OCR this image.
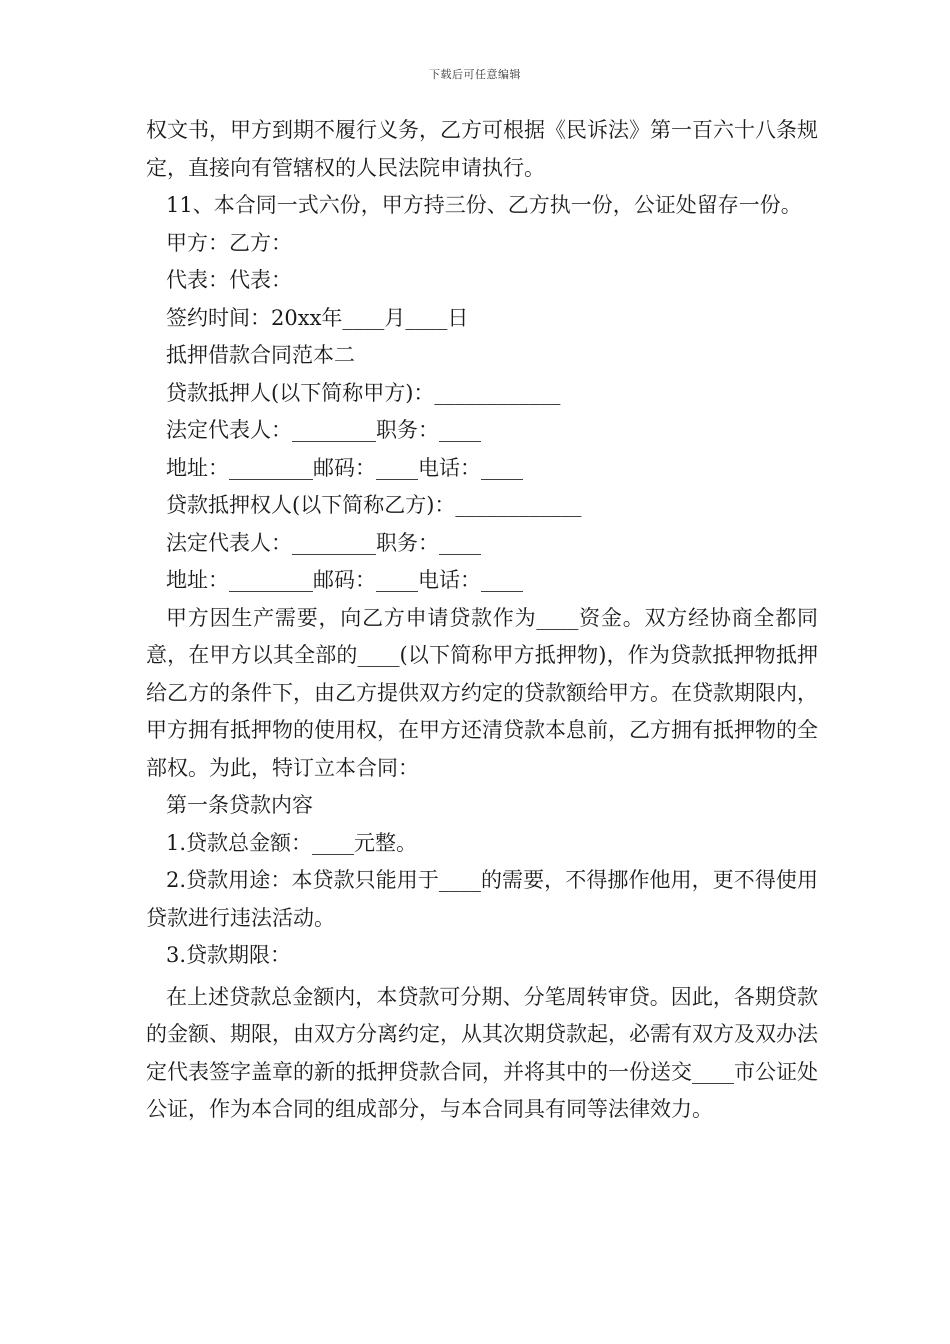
下载后可任意编辑

权文书，甲方到期不履行义务，乙方可根据《民诉法》第一百六十八条规定，直接向有管辖权的人民法院申请执行。

11、本合同一式六份，甲方持三份、乙方执一份，公证处留存一份。

甲方：乙方：

代表：代表：

签约时间：20xx年____月____日

抵押借款合同范本二

贷款抵押人(以下简称甲方)：____________

法定代表人：________职务：____

地址：________邮码：____电话：____

贷款抵押权人(以下简称乙方)：____________

法定代表人：________职务：____

地址：________邮码：____电话：____

甲方因生产需要，向乙方申请贷款作为____资金。双方经协商全都同意，在甲方以其全部的____(以下简称甲方抵押物)，作为贷款抵押物抵押给乙方的条件下，由乙方提供双方约定的贷款额给甲方。在贷款期限内，甲方拥有抵押物的使用权，在甲方还清贷款本息前，乙方拥有抵押物的全部权。为此，特订立本合同：

第一条贷款内容

1.贷款总金额：____元整。

2.贷款用途：本贷款只能用于____的需要，不得挪作他用，更不得使用贷款进行违法活动。

3.贷款期限：

在上述贷款总金额内，本贷款可分期、分笔周转审贷。因此，各期贷款的金额、期限，由双方分离约定，从其次期贷款起，必需有双方及双办法定代表签字盖章的新的抵押贷款合同，并将其中的一份送交____市公证处公证，作为本合同的组成部分，与本合同具有同等法律效力。
